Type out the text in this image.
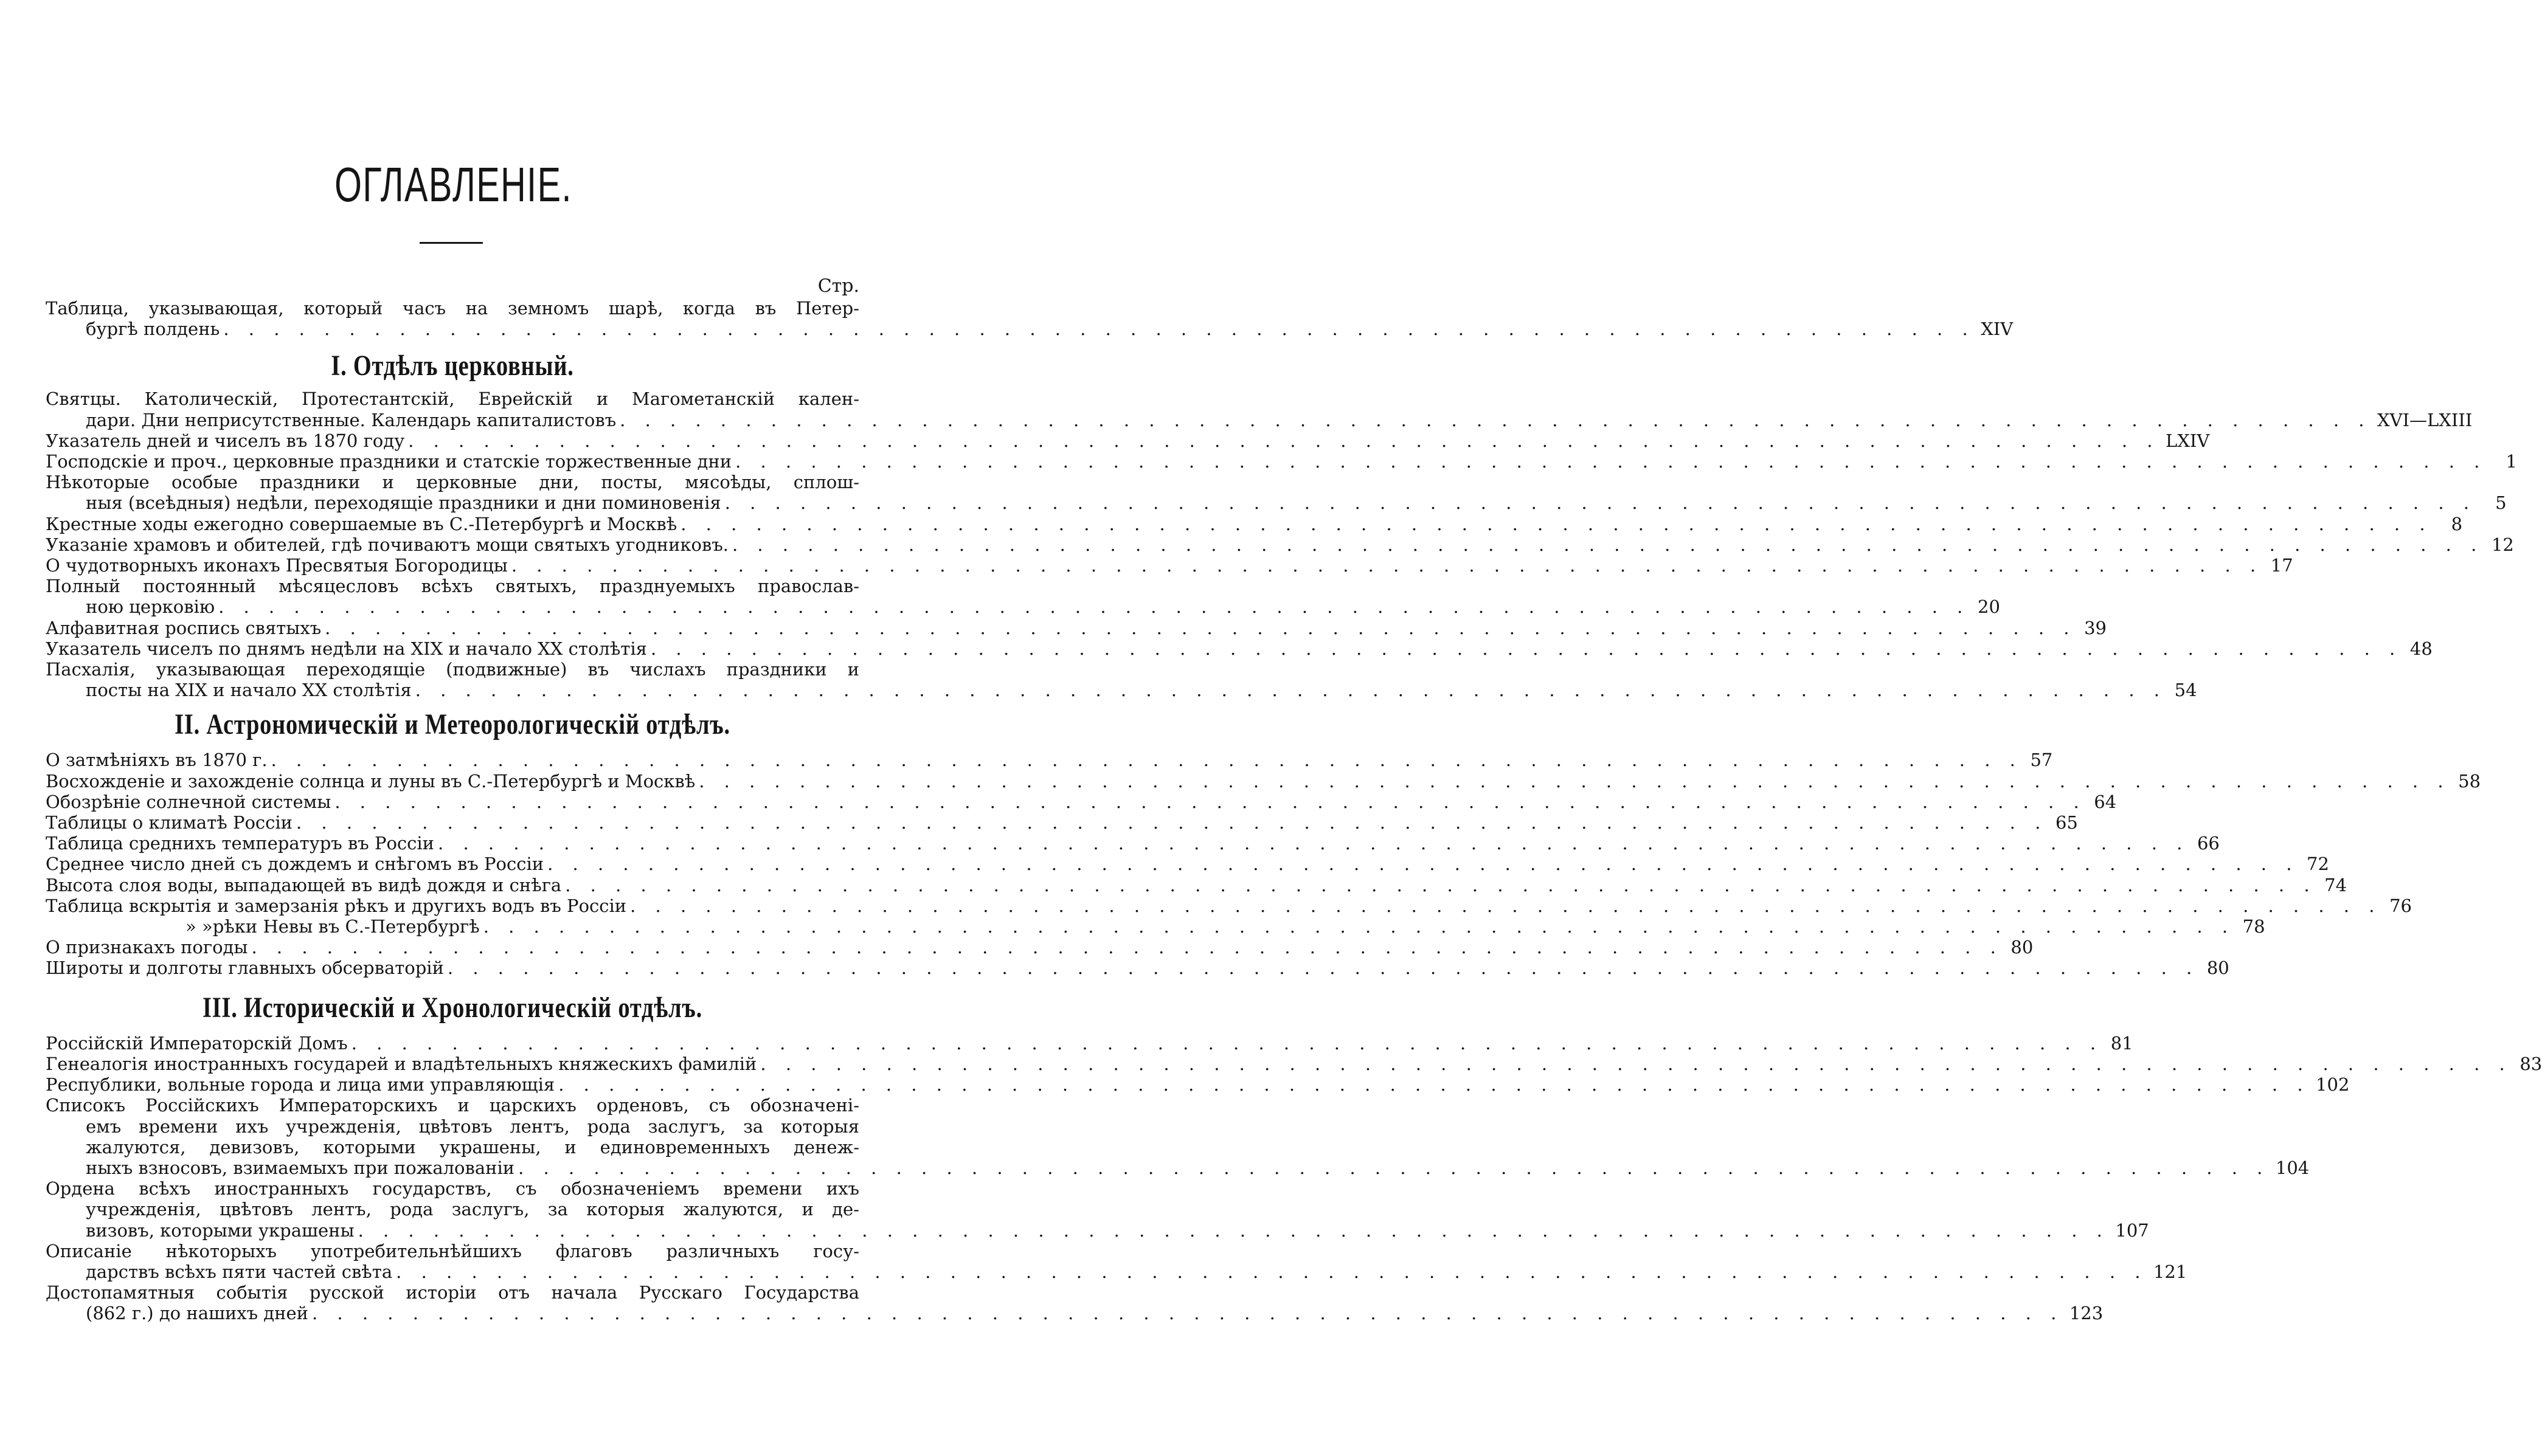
ОГЛАВЛЕНІЕ.
Стр.
Таблица, указывающая, который часъ на земномъ шарѣ, когда въ Петер-
бургѣ полдень . . .	XIV
I. Отдѣлъ церковный.
Святцы. Католическій, Протестантскій, Еврейскій и Магометанскій кален-
дари. Дни неприсутственные. Календарь капиталистовъ . . .	XVI—LXIII
Указатель дней и чиселъ въ 1870 году . . .	LXIV
Господскіе и проч., церковные праздники и статскіе торжественные дни . . .	1
Нѣкоторые особые праздники и церковные дни, посты, мясоѣды, сплош-
ныя (всеѣдныя) недѣли, переходящіе праздники и дни поминовенія . . .	5
Крестные ходы ежегодно совершаемые въ С.-Петербургѣ и Москвѣ . . .	8
Указаніе храмовъ и обителей, гдѣ почиваютъ мощи святыхъ угодниковъ. . . .	12
О чудотворныхъ иконахъ Пресвятыя Богородицы . . .	17
Полный постоянный мѣсяцесловъ всѣхъ святыхъ, празднуемыхъ православ-
ною церковію . . .	20
Алфавитная роспись святыхъ . . .	39
Указатель чиселъ по днямъ недѣли на XIX и начало XX столѣтія . . .	48
Пасхалія, указывающая переходящіе (подвижные) въ числахъ праздники и
посты на XIX и начало XX столѣтія . . .	54
II. Астрономическій и Метеорологическій отдѣлъ.
О затмѣніяхъ въ 1870 г. . . .	57
Восхожденіе и захожденіе солнца и луны въ С.-Петербургѣ и Москвѣ . . .	58
Обозрѣніе солнечной системы . . .	64
Таблицы о климатѣ Россіи . . .	65
Таблица среднихъ температуръ въ Россіи . . .	66
Среднее число дней съ дождемъ и снѣгомъ въ Россіи . . .	72
Высота слоя воды, выпадающей въ видѣ дождя и снѣга . . .	74
Таблица вскрытія и замерзанія рѣкъ и другихъ водъ въ Россіи . . .	76
» » рѣки Невы въ С.-Петербургѣ . . .	78
О признакахъ погоды . . .	80
Широты и долготы главныхъ обсерваторій . . .	80
III. Историческій и Хронологическій отдѣлъ.
Россійскій Императорскій Домъ . . .	81
Генеалогія иностранныхъ государей и владѣтельныхъ княжескихъ фамилій . . .	83
Республики, вольные города и лица ими управляющія . . .	102
Списокъ Россійскихъ Императорскихъ и царскихъ орденовъ, съ обозначені-
емъ времени ихъ учрежденія, цвѣтовъ лентъ, рода заслугъ, за которыя
жалуются, девизовъ, которыми украшены, и единовременныхъ денеж-
ныхъ взносовъ, взимаемыхъ при пожалованіи . . .	104
Ордена всѣхъ иностранныхъ государствъ, съ обозначеніемъ времени ихъ
учрежденія, цвѣтовъ лентъ, рода заслугъ, за которыя жалуются, и де-
визовъ, которыми украшены . . .	107
Описаніе нѣкоторыхъ употребительнѣйшихъ флаговъ различныхъ госу-
дарствъ всѣхъ пяти частей свѣта . . .	121
Достопамятныя событія русской исторіи отъ начала Русскаго Государства
(862 г.) до нашихъ дней . . .	123
